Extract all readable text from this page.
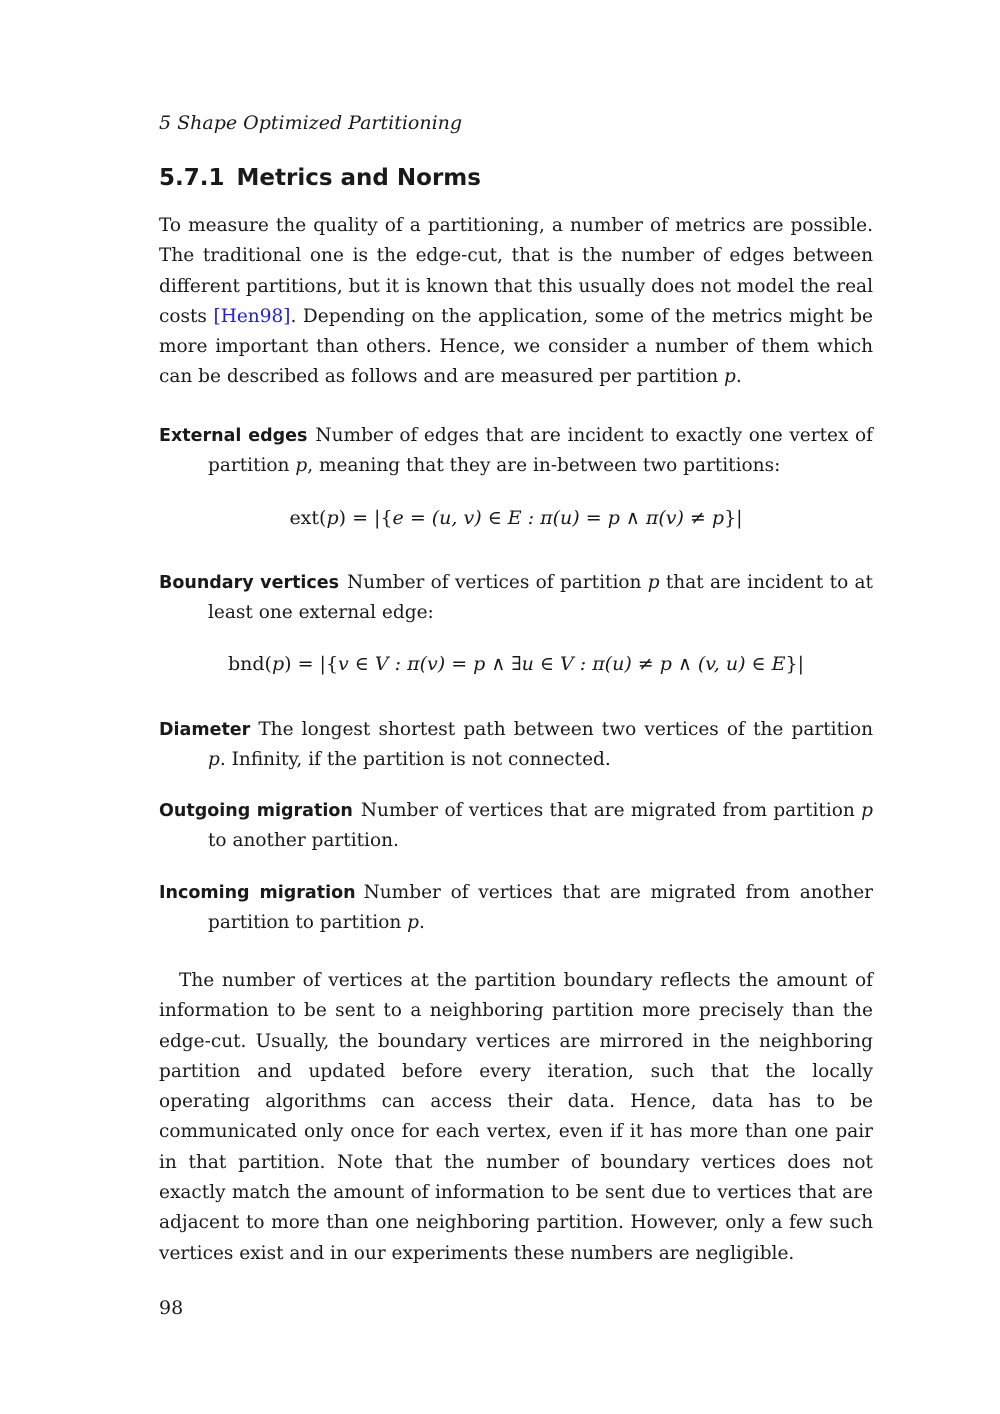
5 Shape Optimized Partitioning
5.7.1 Metrics and Norms

To measure the quality of a partitioning, a number of metrics are possible. The traditional one is the edge-cut, that is the number of edges between different partitions, but it is known that this usually does not model the real costs [Hen98]. Depending on the application, some of the metrics might be more important than others. Hence, we consider a number of them which can be described as follows and are measured per partition p.

External edges Number of edges that are incident to exactly one vertex of partition p, meaning that they are in-between two partitions:

ext(p) = |{e = (u, v) ∈ E : π(u) = p ∧ π(v) ≠ p}|

Boundary vertices Number of vertices of partition p that are incident to at least one external edge:

bnd(p) = |{v ∈ V : π(v) = p ∧ ∃u ∈ V : π(u) ≠ p ∧ (v, u) ∈ E}|

Diameter The longest shortest path between two vertices of the partition p. Infinity, if the partition is not connected.

Outgoing migration Number of vertices that are migrated from partition p to another partition.

Incoming migration Number of vertices that are migrated from another partition to partition p.

The number of vertices at the partition boundary reflects the amount of information to be sent to a neighboring partition more precisely than the edge-cut. Usually, the boundary vertices are mirrored in the neighboring partition and updated before every iteration, such that the locally operating algorithms can access their data. Hence, data has to be communicated only once for each vertex, even if it has more than one pair in that partition. Note that the number of boundary vertices does not exactly match the amount of information to be sent due to vertices that are adjacent to more than one neighboring partition. However, only a few such vertices exist and in our experiments these numbers are negligible.

98
